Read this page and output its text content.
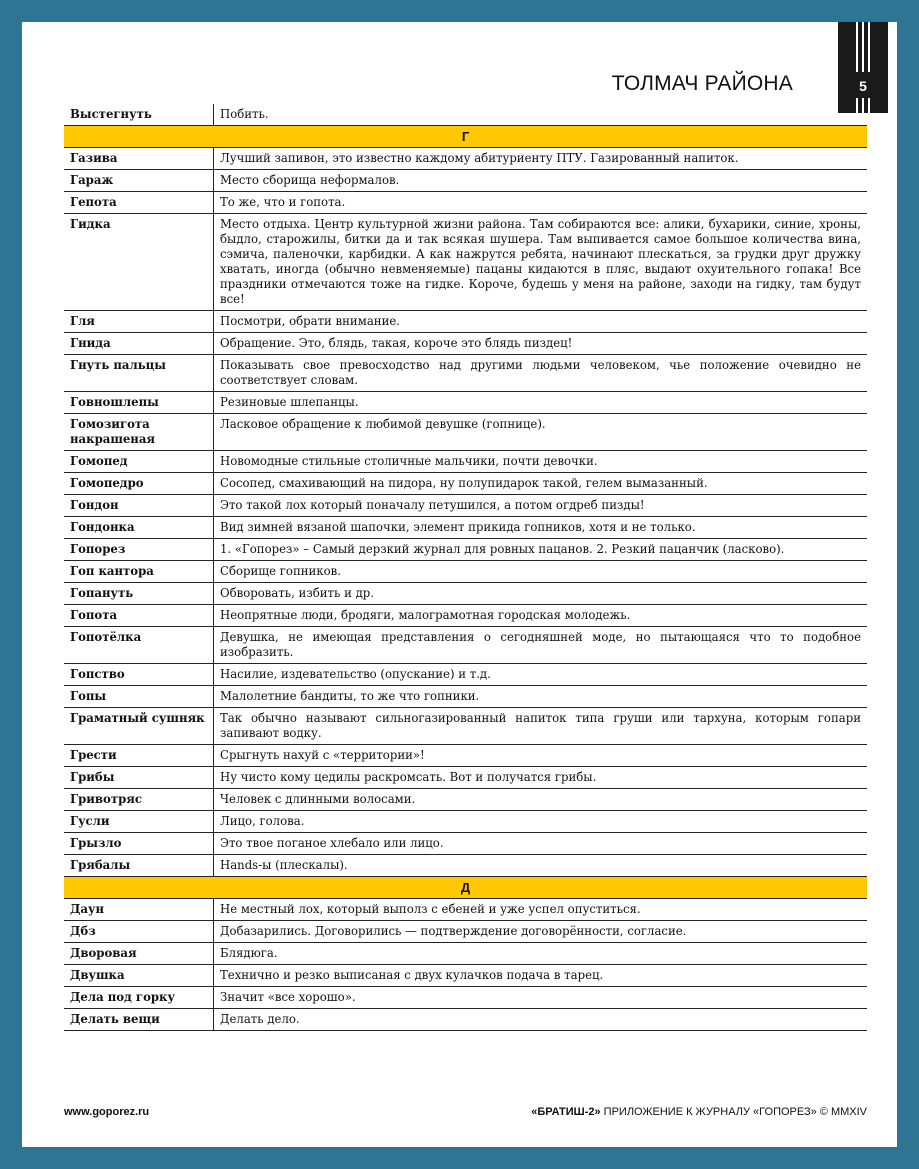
5
ТОЛМАЧ РАЙОНА
Выстегнуть	Побить.
Г	
Газива	Лучший запивон, это известно каждому абитуриенту ПТУ. Газированный напиток.
Гараж	Место сборища неформалов.
Гепота	То же, что и гопота.
Гидка	Место отдыха. Центр культурной жизни района. Там собираются все: алики, бухарики, синие, хроны, быдло, старожилы, битки да и так всякая шушера. Там выпивается самое большое количества вина, сэмича, паленочки, карбидки. А как нажрутся ребята, начинают плескаться, за грудки друг дружку хватать, иногда (обычно невменяемые) пацаны кидаются в пляс, выдают охуительного гопака! Все праздники отмечаются тоже на гидке. Короче, будешь у меня на районе, заходи на гидку, там будут все!
Гля	Посмотри, обрати внимание.
Гнида	Обращение. Это, блядь, такая, короче это блядь пиздец!
Гнуть пальцы	Показывать свое превосходство над другими людьми человеком, чье положение очевидно не соответствует словам.
Говношлепы	Резиновые шлепанцы.
Гомозигота накрашеная	Ласковое обращение к любимой девушке (гопнице).
Гомопед	Новомодные стильные столичные мальчики, почти девочки.
Гомопедро	Сосопед, смахивающий на пидора, ну полупидарок такой, гелем вымазанный.
Гондон	Это такой лох который поначалу петушился, а потом огдреб пизды!
Гондонка	Вид зимней вязаной шапочки, элемент прикида гопников, хотя и не только.
Гопорез	1. «Гопорез» – Самый дерзкий журнал для ровных пацанов. 2. Резкий пацанчик (ласково).
Гоп кантора	Сборище гопников.
Гопануть	Обворовать, избить и др.
Гопота	Неопрятные люди, бродяги, малограмотная городская молодежь.
Гопотёлка	Девушка, не имеющая представления о сегодняшней моде, но пытающаяся что то подобное изобразить.
Гопство	Насилие, издевательство (опускание) и т.д.
Гопы	Малолетние бандиты, то же что гопники.
Граматный сушняк	Так обычно называют сильногазированный напиток типа груши или тархуна, которым гопари запивают водку.
Грести	Срыгнуть нахуй с «территории»!
Грибы	Ну чисто кому цедилы раскромсать. Вот и получатся грибы.
Гривотряс	Человек с длинными волосами.
Гусли	Лицо, голова.
Грызло	Это твое поганое хлебало или лицо.
Грябалы	Hands-ы (плескалы).
Д	
Даун	Не местный лох, который выполз с ебеней и уже успел опуститься.
Дбз	Добазарились. Договорились — подтверждение договорённости, согласие.
Дворовая	Блядюга.
Двушка	Технично и резко выписаная с двух кулачков подача в тарец.
Дела под горку	Значит «все хорошо».
Делать вещи	Делать дело.
www.goporez.ru	«БРАТИШ-2» ПРИЛОЖЕНИЕ К ЖУРНАЛУ «ГОПОРЕЗ» © MMXIV
